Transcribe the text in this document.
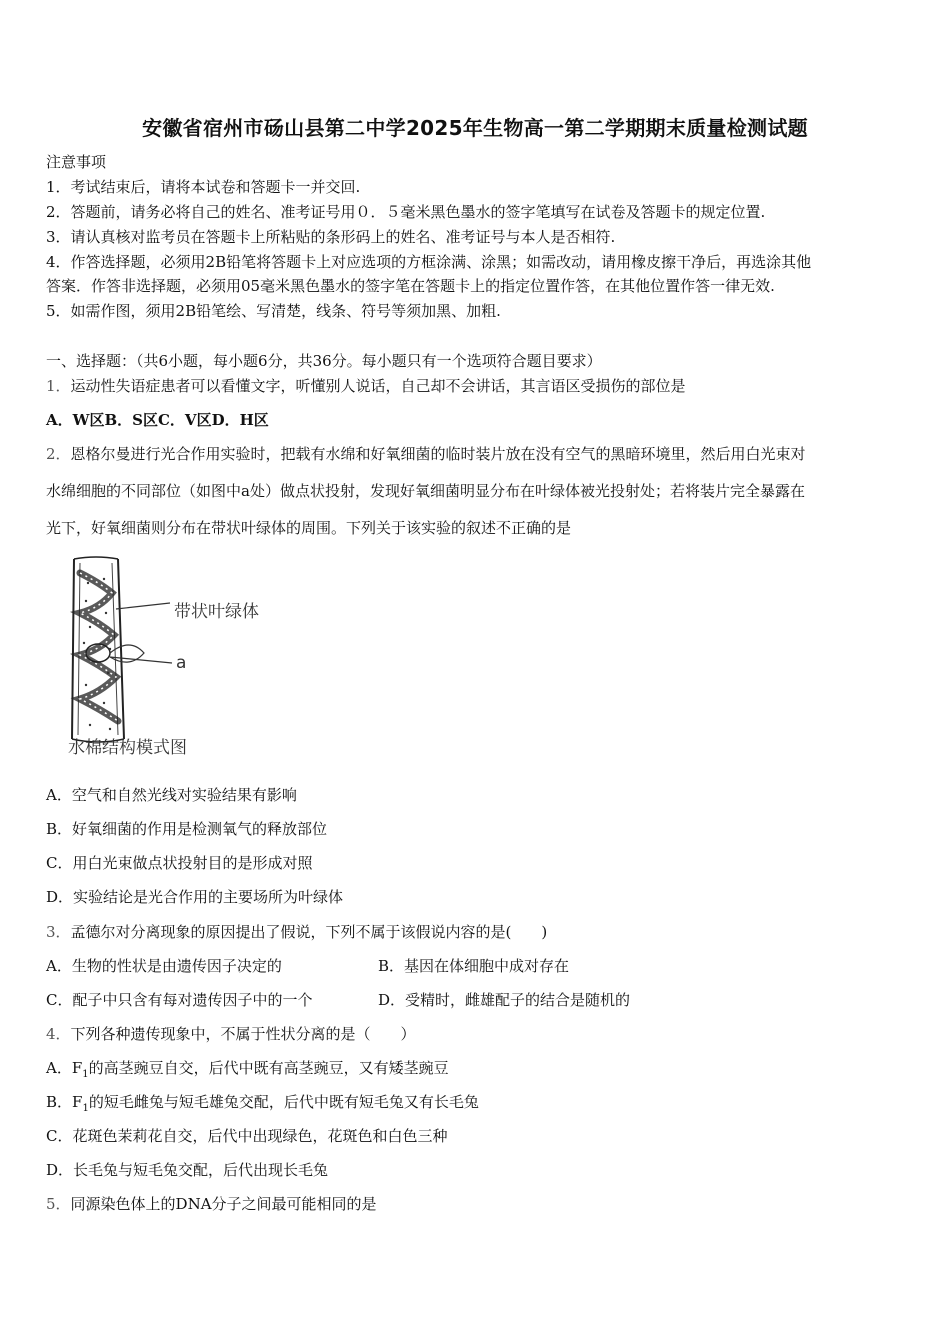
安徽省宿州市砀山县第二中学2025年生物高一第二学期期末质量检测试题
注意事项
1．考试结束后，请将本试卷和答题卡一并交回.
2．答题前，请务必将自己的姓名、准考证号用０．５毫米黑色墨水的签字笔填写在试卷及答题卡的规定位置.
3．请认真核对监考员在答题卡上所粘贴的条形码上的姓名、准考证号与本人是否相符.
4．作答选择题，必须用2B铅笔将答题卡上对应选项的方框涂满、涂黑；如需改动，请用橡皮擦干净后，再选涂其他
答案．作答非选择题，必须用05毫米黑色墨水的签字笔在答题卡上的指定位置作答，在其他位置作答一律无效.
5．如需作图，须用2B铅笔绘、写清楚，线条、符号等须加黑、加粗.
一、选择题：（共6小题，每小题6分，共36分。每小题只有一个选项符合题目要求）
1．运动性失语症患者可以看懂文字，听懂别人说话，自己却不会讲话，其言语区受损伤的部位是
A．W区B．S区C．V区D．H区
2．恩格尔曼进行光合作用实验时，把载有水绵和好氧细菌的临时装片放在没有空气的黑暗环境里，然后用白光束对
水绵细胞的不同部位（如图中a处）做点状投射，发现好氧细菌明显分布在叶绿体被光投射处；若将装片完全暴露在
光下，好氧细菌则分布在带状叶绿体的周围。下列关于该实验的叙述不正确的是
带状叶绿体
a
水棉结构模式图
A．空气和自然光线对实验结果有影响
B．好氧细菌的作用是检测氧气的释放部位
C．用白光束做点状投射目的是形成对照
D．实验结论是光合作用的主要场所为叶绿体
3．孟德尔对分离现象的原因提出了假说，下列不属于该假说内容的是(　　)
A．生物的性状是由遗传因子决定的	B．基因在体细胞中成对存在
C．配子中只含有每对遗传因子中的一个	D．受精时，雌雄配子的结合是随机的
4．下列各种遗传现象中，不属于性状分离的是（　　）
A．$F_1$的高茎豌豆自交，后代中既有高茎豌豆，又有矮茎豌豆
B．$F_1$的短毛雌兔与短毛雄兔交配，后代中既有短毛兔又有长毛兔
C．花斑色茉莉花自交，后代中出现绿色，花斑色和白色三种
D．长毛兔与短毛兔交配，后代出现长毛兔
5．同源染色体上的DNA分子之间最可能相同的是
